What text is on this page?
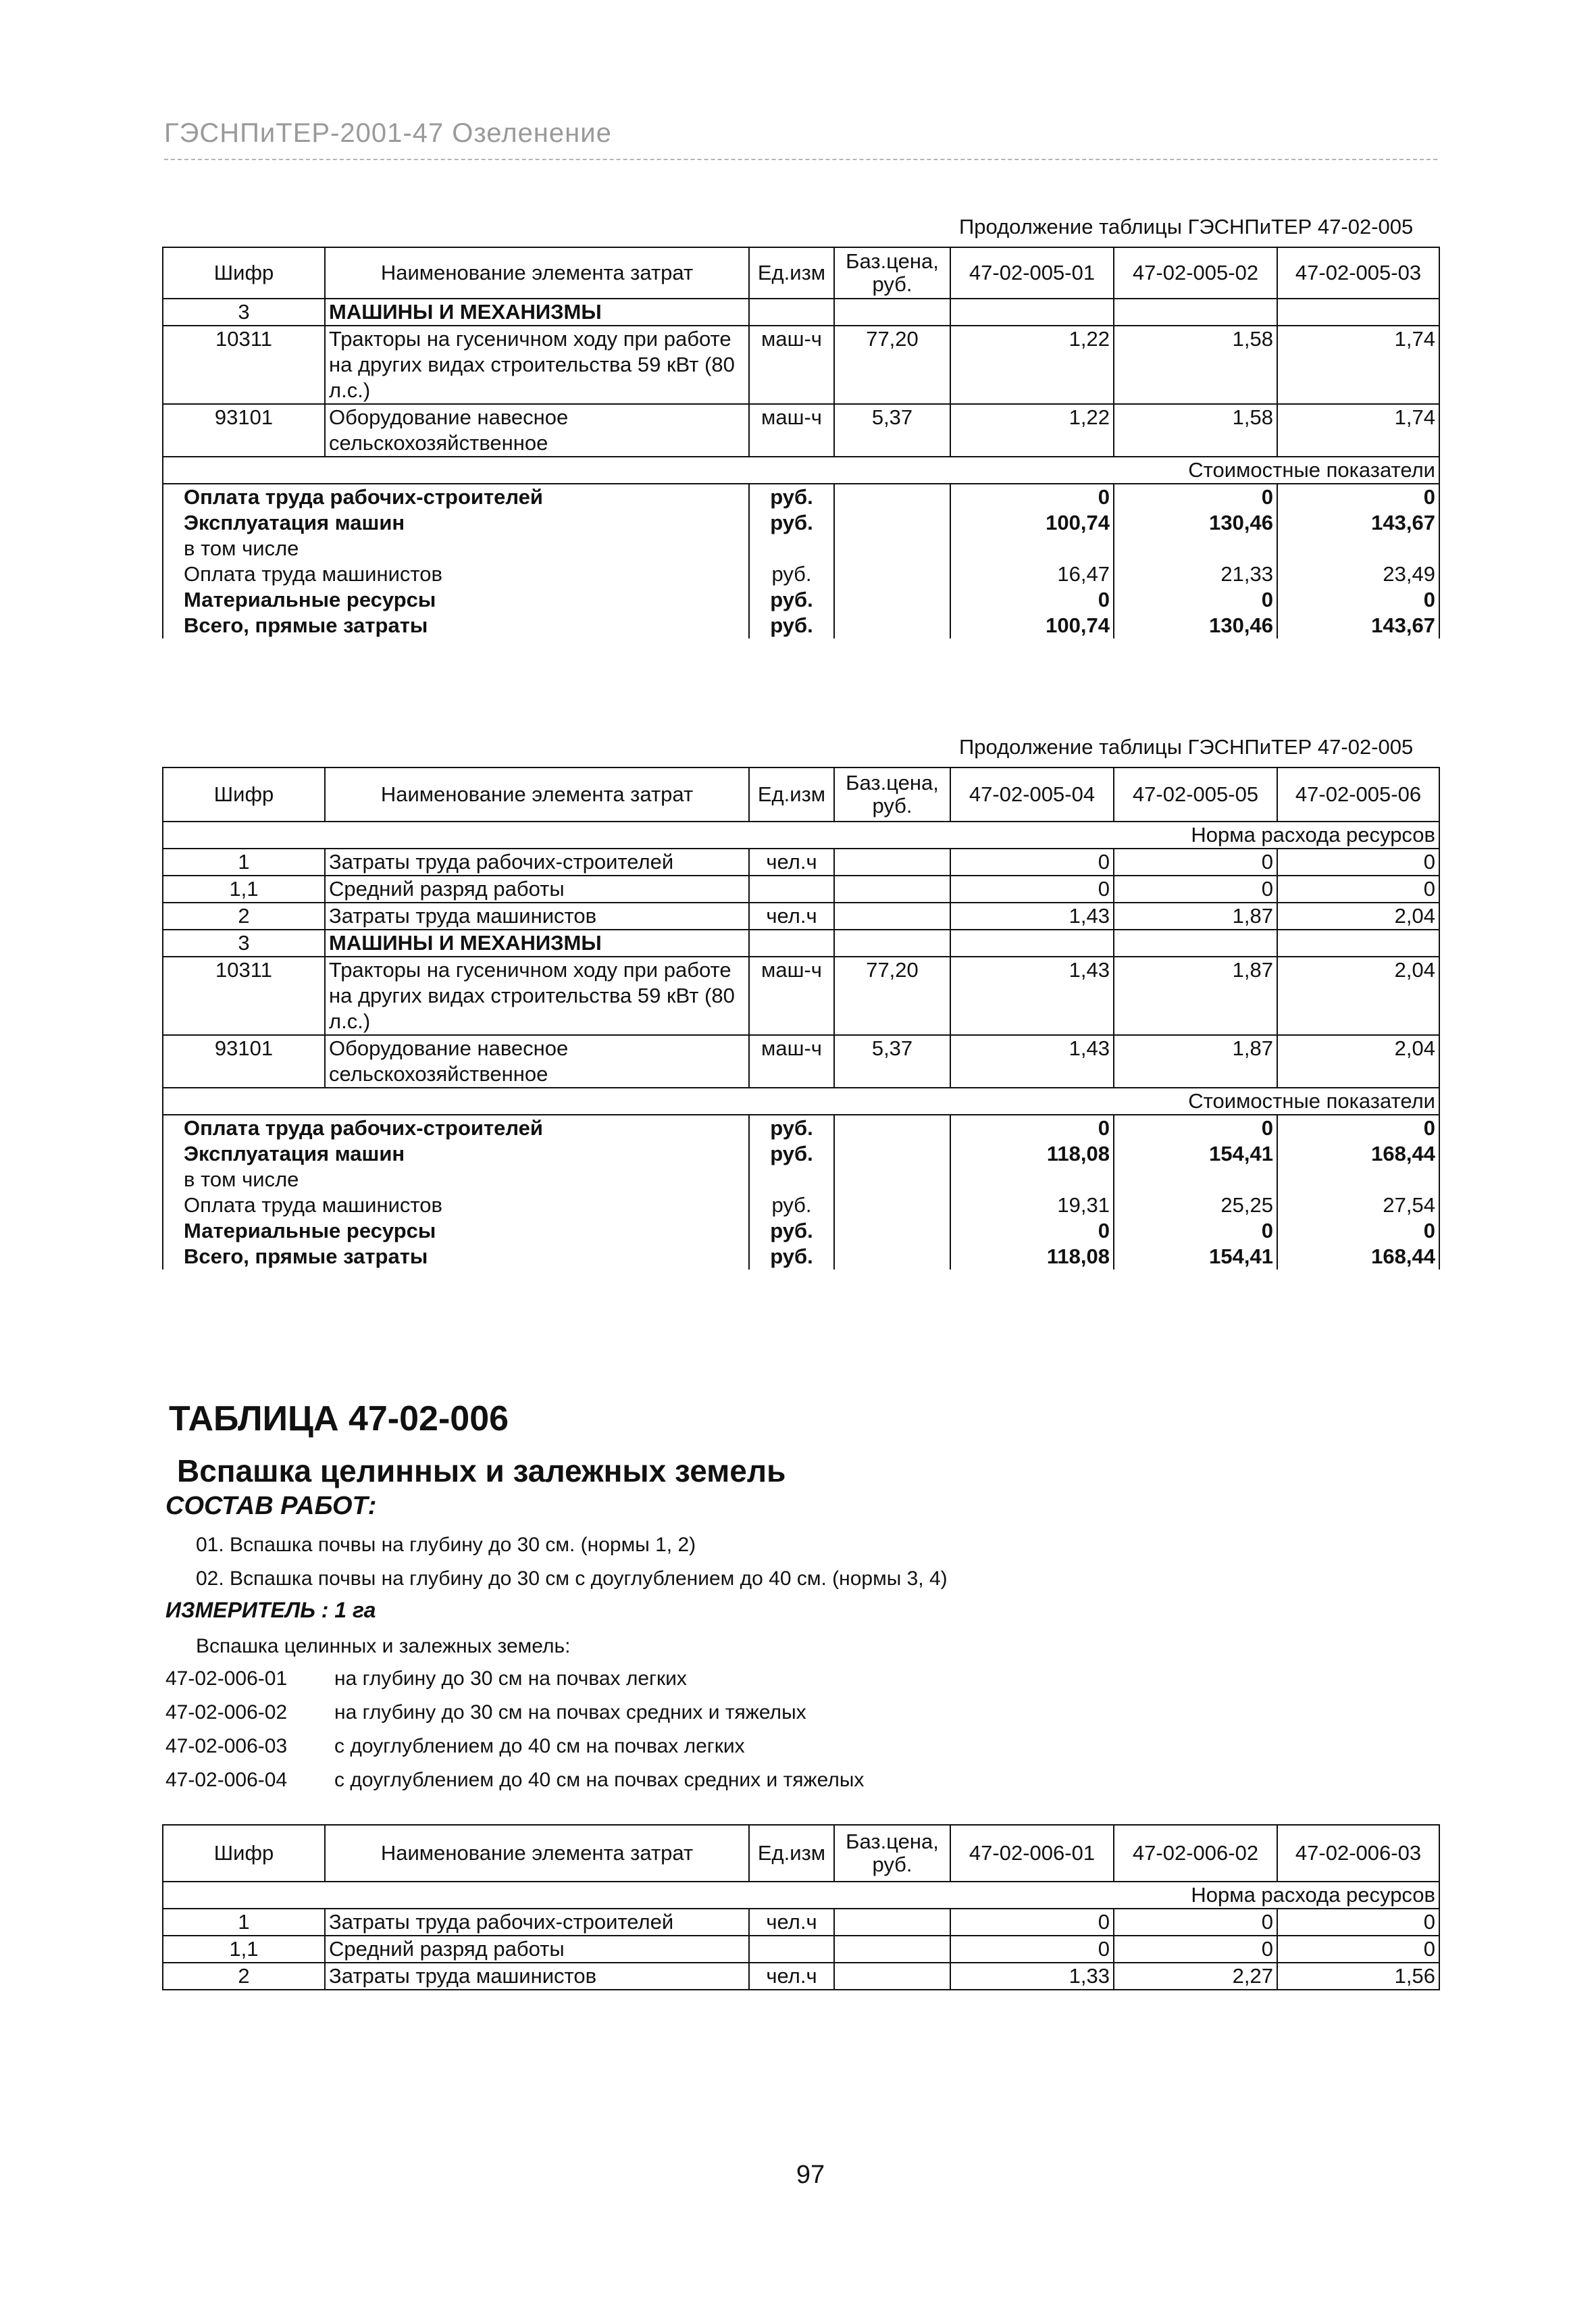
ГЭСНПиТЕР-2001-47 Озеленение
Продолжение таблицы ГЭСНПиТЕР 47-02-005
Шифр	Наименование элемента затрат	Ед.изм	Баз.цена, руб.	47-02-005-01	47-02-005-02	47-02-005-03
3	МАШИНЫ И МЕХАНИЗМЫ					
10311	Тракторы на гусеничном ходу при работе на других видах строительства 59 кВт (80 л.с.)	маш-ч	77,20	1,22	1,58	1,74
93101	Оборудование навесное сельскохозяйственное	маш-ч	5,37	1,22	1,58	1,74
Стоимостные показатели						
Оплата труда рабочих-строителей		руб.		0	0	0
Эксплуатация машин		руб.		100,74	130,46	143,67
в том числе						
Оплата труда машинистов		руб.		16,47	21,33	23,49
Материальные ресурсы		руб.		0	0	0
Всего, прямые затраты		руб.		100,74	130,46	143,67
Продолжение таблицы ГЭСНПиТЕР 47-02-005
Шифр	Наименование элемента затрат	Ед.изм	Баз.цена, руб.	47-02-005-04	47-02-005-05	47-02-005-06
Норма расхода ресурсов						
1	Затраты труда рабочих-строителей	чел.ч		0	0	0
1,1	Средний разряд работы			0	0	0
2	Затраты труда машинистов	чел.ч		1,43	1,87	2,04
3	МАШИНЫ И МЕХАНИЗМЫ					
10311	Тракторы на гусеничном ходу при работе на других видах строительства 59 кВт (80 л.с.)	маш-ч	77,20	1,43	1,87	2,04
93101	Оборудование навесное сельскохозяйственное	маш-ч	5,37	1,43	1,87	2,04
Стоимостные показатели						
Оплата труда рабочих-строителей		руб.		0	0	0
Эксплуатация машин		руб.		118,08	154,41	168,44
в том числе						
Оплата труда машинистов		руб.		19,31	25,25	27,54
Материальные ресурсы		руб.		0	0	0
Всего, прямые затраты		руб.		118,08	154,41	168,44
ТАБЛИЦА 47-02-006
Вспашка целинных и залежных земель
СОСТАВ РАБОТ:
01. Вспашка почвы на глубину до 30 см. (нормы 1, 2)
02. Вспашка почвы на глубину до 30 см с доуглублением до 40 см. (нормы 3, 4)
ИЗМЕРИТЕЛЬ : 1 га
Вспашка целинных и залежных земель:
47-02-006-01 на глубину до 30 см на почвах легких
47-02-006-02 на глубину до 30 см на почвах средних и тяжелых
47-02-006-03 с доуглублением до 40 см на почвах легких
47-02-006-04 с доуглублением до 40 см на почвах средних и тяжелых
Шифр	Наименование элемента затрат	Ед.изм	Баз.цена, руб.	47-02-006-01	47-02-006-02	47-02-006-03
Норма расхода ресурсов						
1	Затраты труда рабочих-строителей	чел.ч		0	0	0
1,1	Средний разряд работы			0	0	0
2	Затраты труда машинистов	чел.ч		1,33	2,27	1,56
97
